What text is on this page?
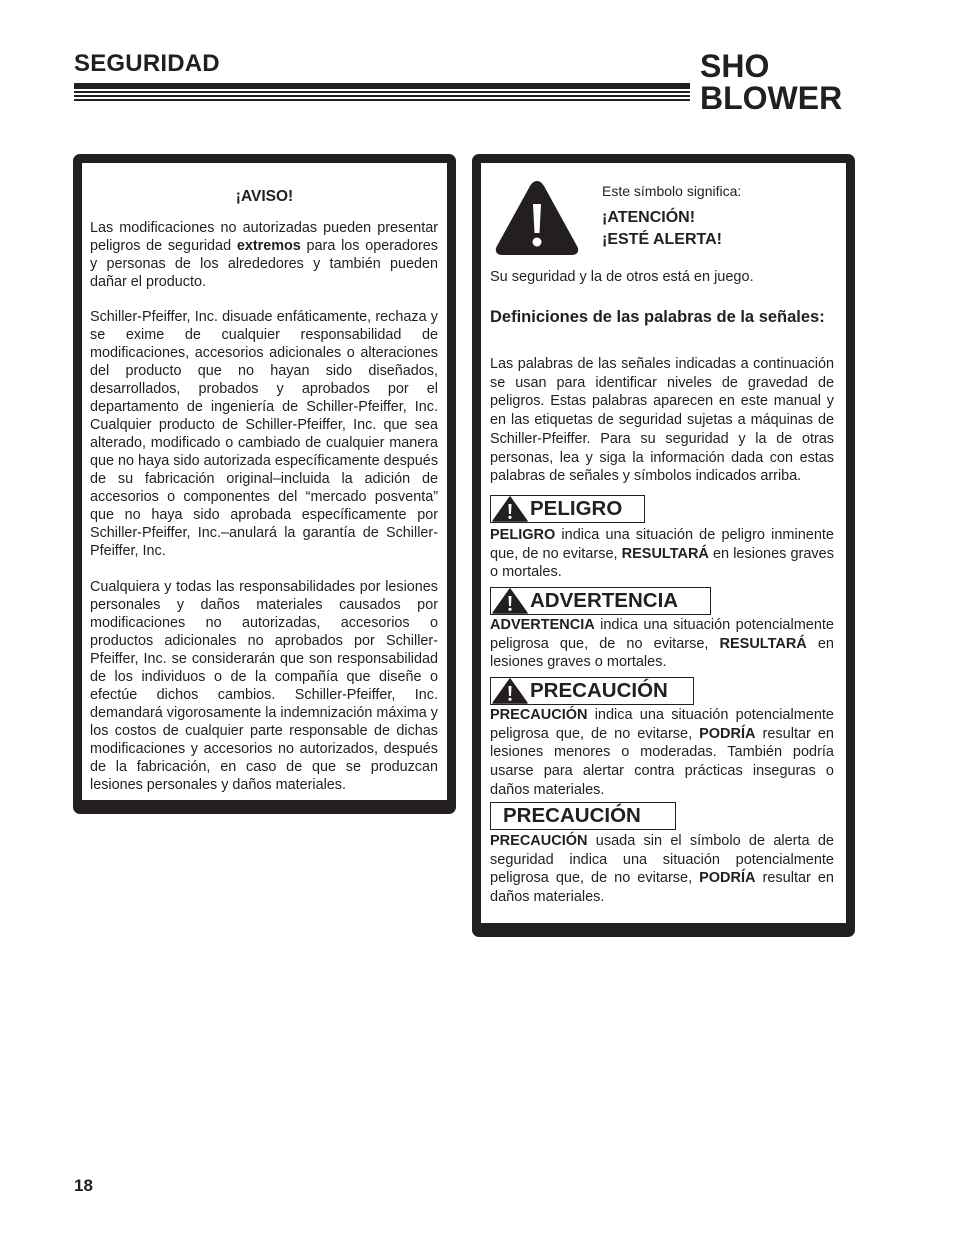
SEGURIDAD	SHO
BLOWER

¡AVISO!

Las modificaciones no autorizadas pueden presentar peligros de seguridad extremos para los operadores y personas de los alrededores y también pueden dañar el producto.

Schiller-Pfeiffer, Inc. disuade enfáticamente, rechaza y se exime de cualquier responsabilidad de modificaciones, accesorios adicionales o alteraciones del producto que no hayan sido diseñados, desarrollados, probados y aprobados por el departamento de ingeniería de Schiller-Pfeiffer, Inc. Cualquier producto de Schiller-Pfeiffer, Inc. que sea alterado, modificado o cambiado de cualquier manera que no haya sido autorizada específicamente después de su fabricación original–incluida la adición de accesorios o componentes del “mercado posventa” que no haya sido aprobada específicamente por Schiller-Pfeiffer, Inc.–anulará la garantía de Schiller-Pfeiffer, Inc.

Cualquiera y todas las responsabilidades por lesiones personales y daños materiales causados por modificaciones no autorizadas, accesorios o productos adicionales no aprobados por Schiller-Pfeiffer, Inc. se considerarán que son responsabilidad de los individuos o de la compañía que diseñe o efectúe dichos cambios. Schiller-Pfeiffer, Inc. demandará vigorosamente la indemnización máxima y los costos de cualquier parte responsable de dichas modificaciones y accesorios no autorizados, después de la fabricación, en caso de que se produzcan lesiones personales y daños materiales.

Este símbolo significa:

¡ATENCIÓN!
¡ESTÉ ALERTA!

Su seguridad y la de otros está en juego.

Definiciones de las palabras de la señales:

Las palabras de las señales indicadas a continuación se usan para identificar niveles de gravedad de peligros. Estas palabras aparecen en este manual y en las etiquetas de seguridad sujetas a máquinas de Schiller-Pfeiffer. Para su seguridad y la de otras personas, lea y siga la información dada con estas palabras de señales y símbolos indicados arriba.

PELIGRO

PELIGRO indica una situación de peligro inminente que, de no evitarse, RESULTARÁ en lesiones graves o mortales.

ADVERTENCIA

ADVERTENCIA indica una situación potencialmente peligrosa que, de no evitarse, RESULTARÁ en lesiones graves o mortales.

PRECAUCIÓN

PRECAUCIÓN indica una situación potencialmente peligrosa que, de no evitarse, PODRÍA resultar en lesiones menores o moderadas. También podría usarse para alertar contra prácticas inseguras o daños materiales.

PRECAUCIÓN

PRECAUCIÓN usada sin el símbolo de alerta de seguridad indica una situación potencialmente peligrosa que, de no evitarse, PODRÍA resultar en daños materiales.

18
